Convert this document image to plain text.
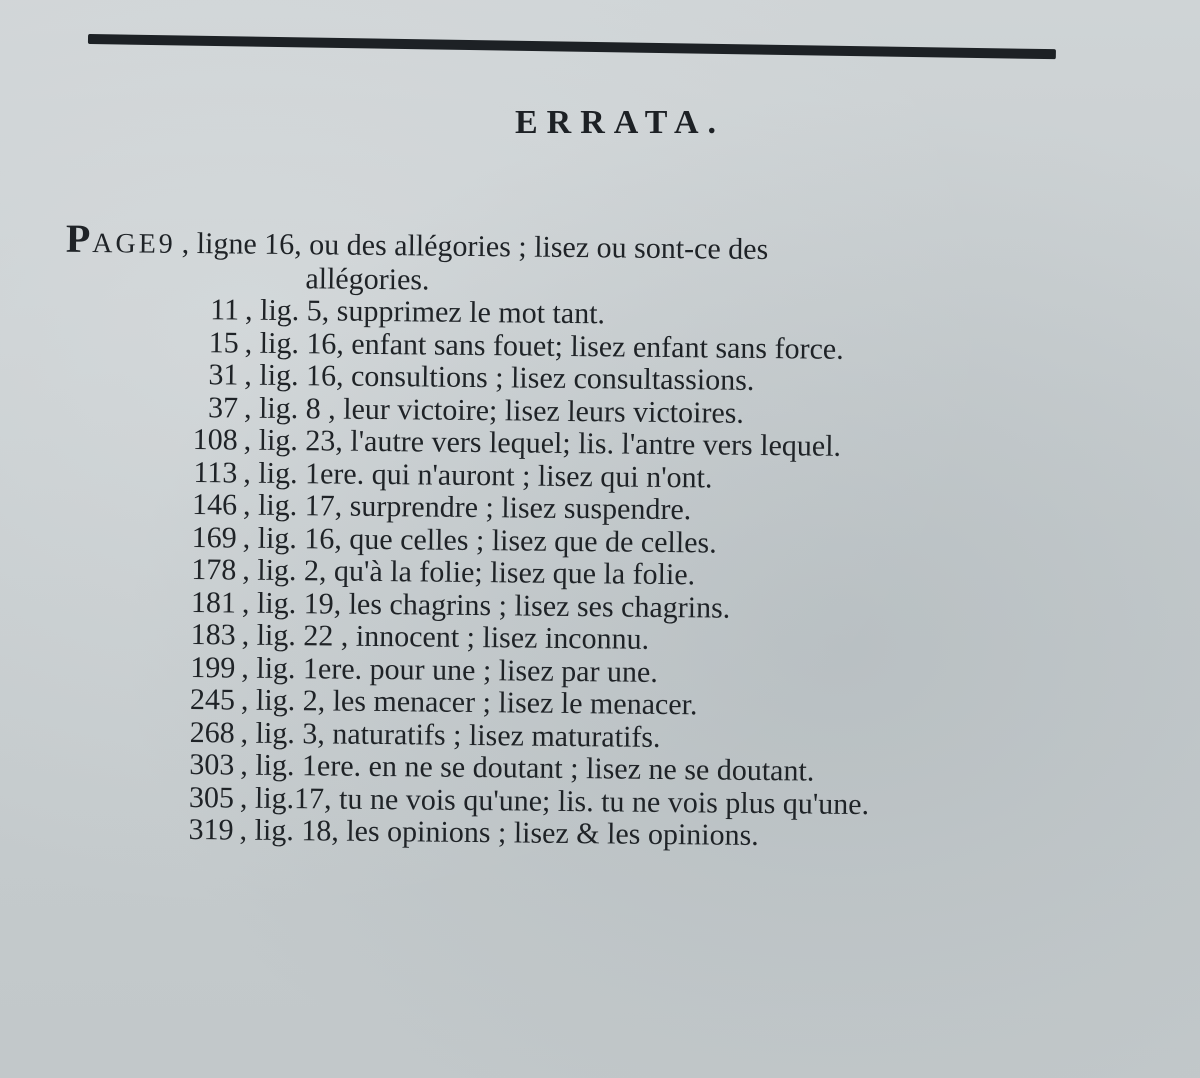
ERRATA.
PAGE9 , ligne 16, ou des allégories ; lisez ou sont-ce des
allégories.
11 , lig. 5, supprimez le mot tant.
15 , lig. 16, enfant sans fouet; lisez enfant sans force.
31 , lig. 16, consultions ; lisez consultassions.
37 , lig. 8 , leur victoire; lisez leurs victoires.
108 , lig. 23, l'autre vers lequel; lis. l'antre vers lequel.
113 , lig. 1ere. qui n'auront ; lisez qui n'ont.
146 , lig. 17, surprendre ; lisez suspendre.
169 , lig. 16, que celles ; lisez que de celles.
178 , lig. 2, qu'à la folie; lisez que la folie.
181 , lig. 19, les chagrins ; lisez ses chagrins.
183 , lig. 22 , innocent ; lisez inconnu.
199 , lig. 1ere. pour une ; lisez par une.
245 , lig. 2, les menacer ; lisez le menacer.
268 , lig. 3, naturatifs ; lisez maturatifs.
303 , lig. 1ere. en ne se doutant ; lisez ne se doutant.
305 , lig.17, tu ne vois qu'une; lis. tu ne vois plus qu'une.
319 , lig. 18, les opinions ; lisez & les opinions.
